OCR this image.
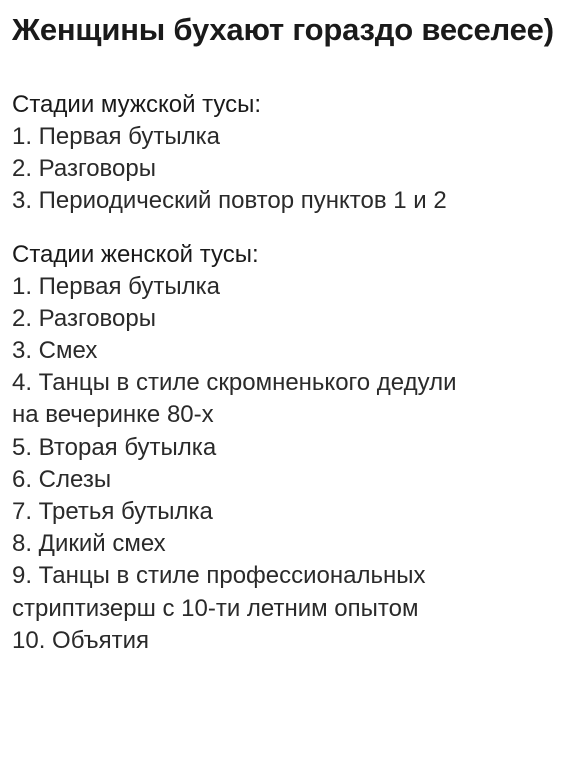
Женщины бухают гораздо веселее)

Стадии мужской тусы:

1. Первая бутылка
2. Разговоры
3. Периодический повтор пунктов 1 и 2

Стадии женской тусы:

1. Первая бутылка
2. Разговоры
3. Смех
4. Танцы в стиле скромненького дедули
на вечеринке 80-х
5. Вторая бутылка
6. Слезы
7. Третья бутылка
8. Дикий смех
9. Танцы в стиле профессиональных
стриптизерш с 10-ти летним опытом
10. Объятия
